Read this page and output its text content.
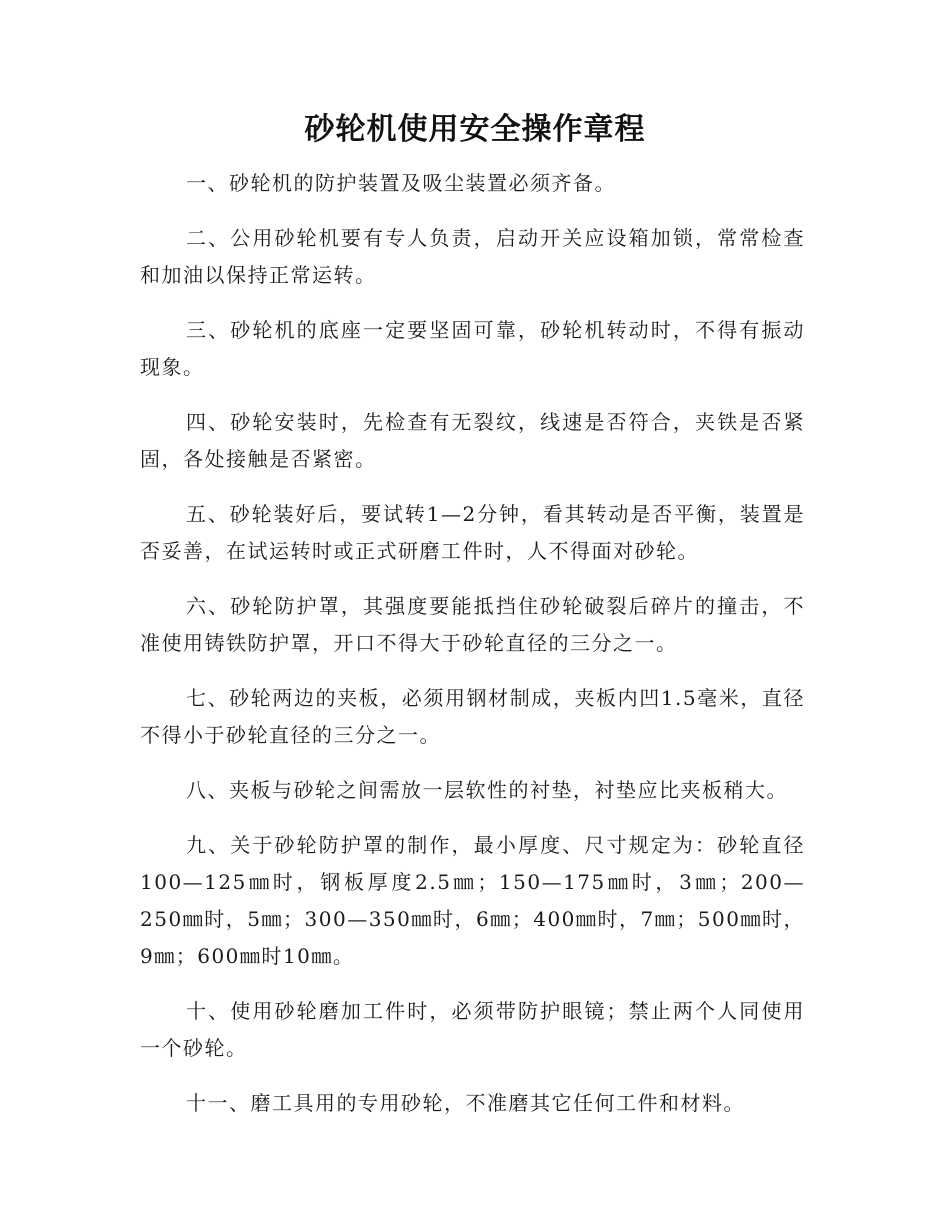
砂轮机使用安全操作章程

一、砂轮机的防护装置及吸尘装置必须齐备。

二、公用砂轮机要有专人负责，启动开关应设箱加锁，常常检查和加油以保持正常运转。

三、砂轮机的底座一定要坚固可靠，砂轮机转动时，不得有振动现象。

四、砂轮安装时，先检查有无裂纹，线速是否符合，夹铁是否紧固，各处接触是否紧密。

五、砂轮装好后，要试转1—2分钟，看其转动是否平衡，装置是否妥善，在试运转时或正式研磨工件时，人不得面对砂轮。

六、砂轮防护罩，其强度要能抵挡住砂轮破裂后碎片的撞击，不准使用铸铁防护罩，开口不得大于砂轮直径的三分之一。

七、砂轮两边的夹板，必须用钢材制成，夹板内凹1.5毫米，直径不得小于砂轮直径的三分之一。

八、夹板与砂轮之间需放一层软性的衬垫，衬垫应比夹板稍大。

九、关于砂轮防护罩的制作，最小厚度、尺寸规定为：砂轮直径100—125㎜时，钢板厚度2.5㎜；150—175㎜时，3㎜；200—250㎜时，5㎜；300—350㎜时，6㎜；400㎜时，7㎜；500㎜时，9㎜；600㎜时10㎜。

十、使用砂轮磨加工件时，必须带防护眼镜；禁止两个人同使用一个砂轮。

十一、磨工具用的专用砂轮，不准磨其它任何工件和材料。
